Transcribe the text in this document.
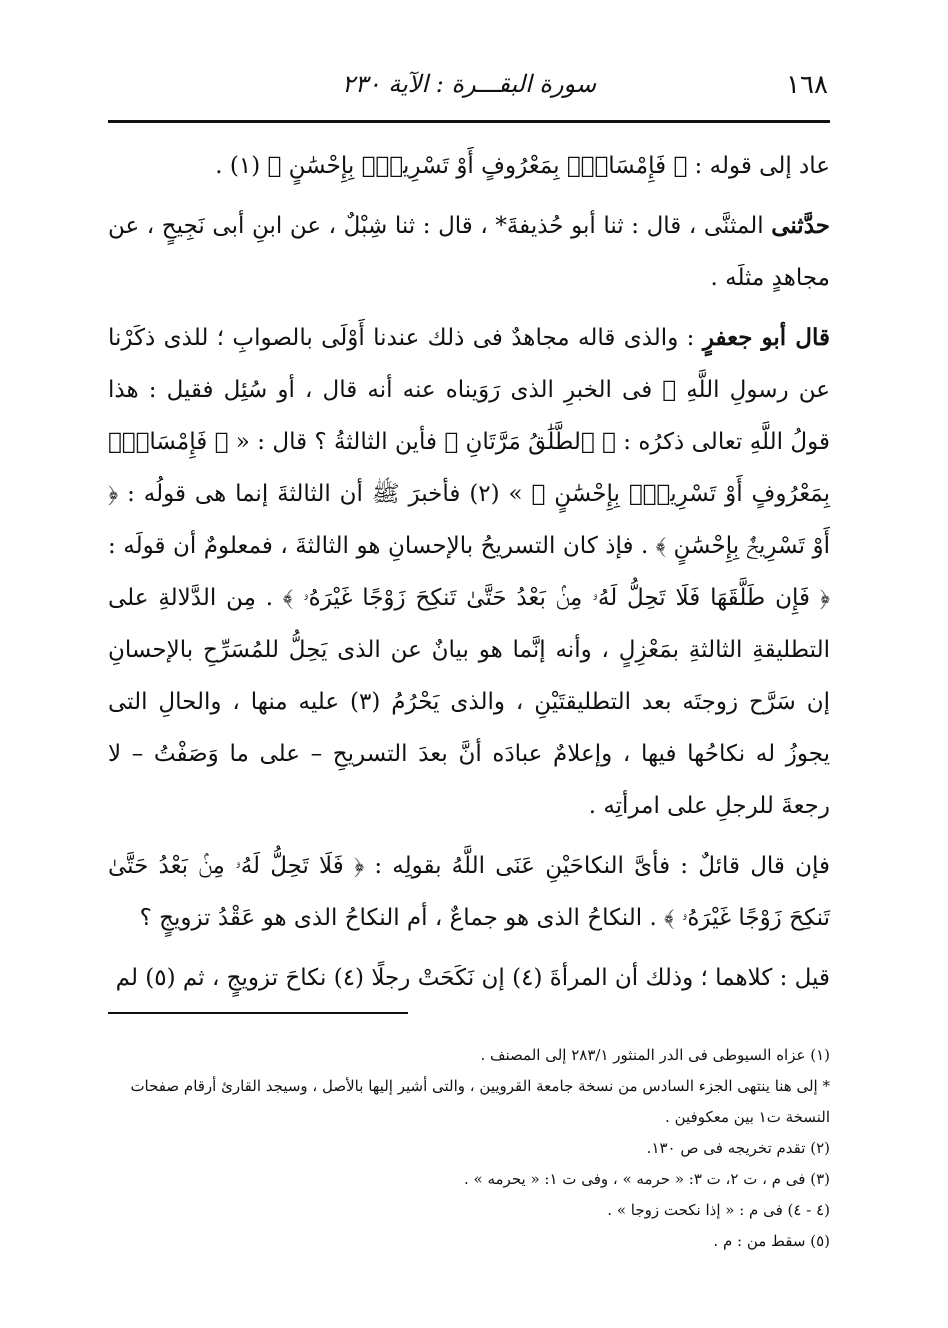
١٦٨
سورة البقـــرة : الآية ٢٣٠

عاد إلى قوله : ﴿ فَإِمْسَاكٌۢ بِمَعْرُوفٍ أَوْ تَسْرِيحٌۢ بِإِحْسَٰنٍ ﴾ (١) .

حدَّثنى المثنَّى ، قال : ثنا أبو حُذيفةَ* ، قال : ثنا شِبْلٌ ، عن ابنِ أبى نَجِيحٍ ، عن مجاهدٍ مثلَه .

قال أبو جعفرٍ : والذى قاله مجاهدٌ فى ذلك عندنا أَوْلَى بالصوابِ ؛ للذى ذكَرْنا عن رسولِ اللَّهِ ﷺ فى الخبرِ الذى رَوَيناه عنه أنه قال ، أو سُئِل فقيل : هذا قولُ اللَّهِ تعالى ذكرُه : ﴿ ٱلطَّلَٰقُ مَرَّتَانِ ﴾ فأين الثالثةُ ؟ قال : « ﴿ فَإِمْسَاكٌۢ بِمَعْرُوفٍ أَوْ تَسْرِيحٌۢ بِإِحْسَٰنٍ ﴾ » (٢) فأخبرَ ﷺ أن الثالثةَ إنما هى قولُه : ﴿ أَوْ تَسْرِيحٌۢ بِإِحْسَٰنٍ ﴾ . فإذ كان التسريحُ بالإحسانِ هو الثالثةَ ، فمعلومٌ أن قولَه : ﴿ فَإِن طَلَّقَهَا فَلَا تَحِلُّ لَهُۥ مِنۢ بَعْدُ حَتَّىٰ تَنكِحَ زَوْجًا غَيْرَهُۥ ﴾ . مِن الدَّلالةِ على التطليقةِ الثالثةِ بمَعْزِلٍ ، وأنه إنَّما هو بيانٌ عن الذى يَحِلُّ للمُسَرِّحِ بالإحسانِ إن سَرَّح زوجتَه بعد التطليقتَيْنِ ، والذى يَحْرُمُ (٣) عليه منها ، والحالِ التى يجوزُ له نكاحُها فيها ، وإعلامٌ عبادَه أنَّ بعدَ التسريحِ – على ما وَصَفْتُ – لا رجعةَ للرجلِ على امرأتِه .

فإن قال قائلٌ : فأىَّ النكاحَيْنِ عَنَى اللَّهُ بقولِه : ﴿ فَلَا تَحِلُّ لَهُۥ مِنۢ بَعْدُ حَتَّىٰ تَنكِحَ زَوْجًا غَيْرَهُۥ ﴾ . النكاحُ الذى هو جماعٌ ، أم النكاحُ الذى هو عَقْدُ تزويجٍ ؟

قيل : كلاهما ؛ وذلك أن المرأةَ (٤) إن نَكَحَتْ رجلًا (٤) نكاحَ تزويجٍ ، ثم (٥) لم

(١) عزاه السيوطى فى الدر المنثور ٢٨٣/١ إلى المصنف .
* إلى هنا ينتهى الجزء السادس من نسخة جامعة القرويين ، والتى أشير إليها بالأصل ، وسيجد القارئ أرقام صفحات النسخة ت١ بين معكوفين .
(٢) تقدم تخريجه فى ص ١٣٠.
(٣) فى م ، ت ٢، ت ٣: « حرمه » ، وفى ت ١: « يحرمه » .
(٤ - ٤) فى م : « إذا نكحت زوجا » .
(٥) سقط من : م .
